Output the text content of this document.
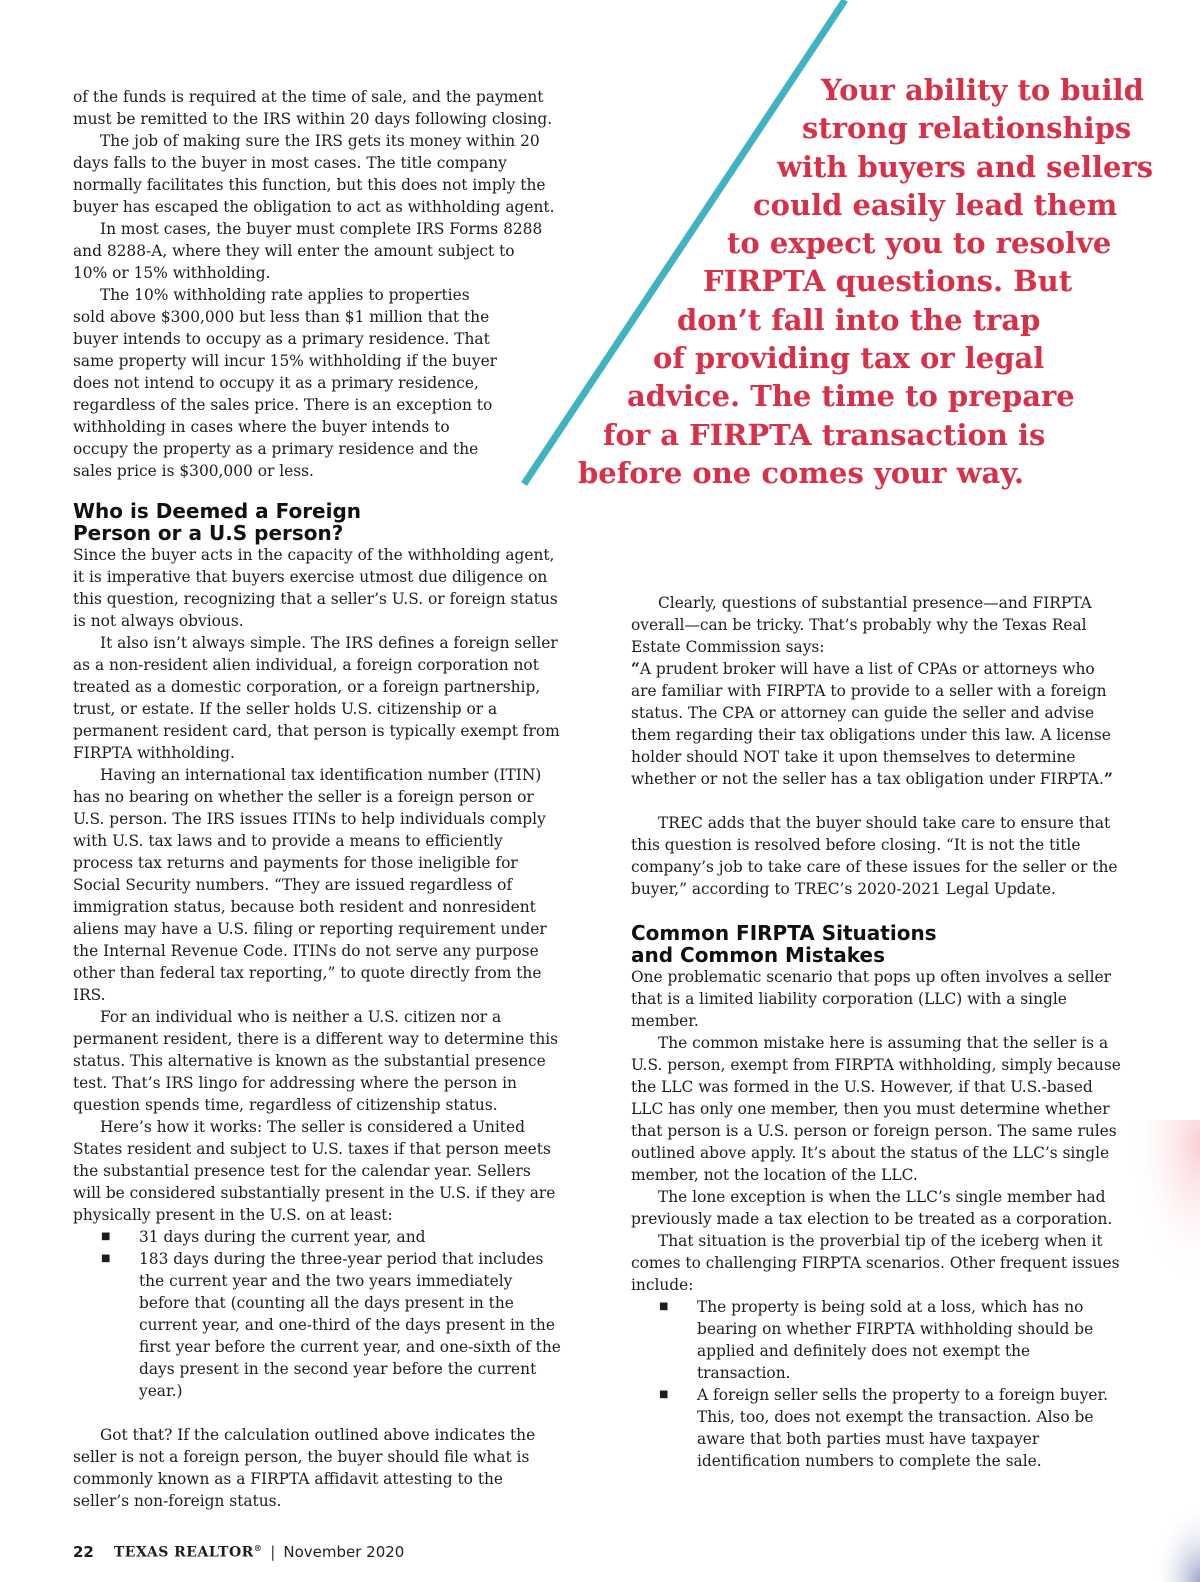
Your ability to build
strong relationships
with buyers and sellers
could easily lead them
to expect you to resolve
FIRPTA questions. But
don’t fall into the trap
of providing tax or legal
advice. The time to prepare
for a FIRPTA transaction is
before one comes your way.

of the funds is required at the time of sale, and the payment must be remitted to the IRS within 20 days following closing.

The job of making sure the IRS gets its money within 20 days falls to the buyer in most cases. The title company normally facilitates this function, but this does not imply the buyer has escaped the obligation to act as withholding agent.

In most cases, the buyer must complete IRS Forms 8288 and 8288-A, where they will enter the amount subject to 10% or 15% withholding.

The 10% withholding rate applies to properties sold above $300,000 but less than $1 million that the buyer intends to occupy as a primary residence. That same property will incur 15% withholding if the buyer does not intend to occupy it as a primary residence, regardless of the sales price. There is an exception to withholding in cases where the buyer intends to occupy the property as a primary residence and the sales price is $300,000 or less.

Who is Deemed a Foreign Person or a U.S person?

Since the buyer acts in the capacity of the withholding agent, it is imperative that buyers exercise utmost due diligence on this question, recognizing that a seller’s U.S. or foreign status is not always obvious.

It also isn’t always simple. The IRS defines a foreign seller as a non-resident alien individual, a foreign corporation not treated as a domestic corporation, or a foreign partnership, trust, or estate. If the seller holds U.S. citizenship or a permanent resident card, that person is typically exempt from FIRPTA withholding.

Having an international tax identification number (ITIN) has no bearing on whether the seller is a foreign person or U.S. person. The IRS issues ITINs to help individuals comply with U.S. tax laws and to provide a means to efficiently process tax returns and payments for those ineligible for Social Security numbers. “They are issued regardless of immigration status, because both resident and nonresident aliens may have a U.S. filing or reporting requirement under the Internal Revenue Code. ITINs do not serve any purpose other than federal tax reporting,” to quote directly from the IRS.

For an individual who is neither a U.S. citizen nor a permanent resident, there is a different way to determine this status. This alternative is known as the substantial presence test. That’s IRS lingo for addressing where the person in question spends time, regardless of citizenship status.

Here’s how it works: The seller is considered a United States resident and subject to U.S. taxes if that person meets the substantial presence test for the calendar year. Sellers will be considered substantially present in the U.S. if they are physically present in the U.S. on at least:

■ 31 days during the current year, and
■ 183 days during the three-year period that includes the current year and the two years immediately before that (counting all the days present in the current year, and one-third of the days present in the first year before the current year, and one-sixth of the days present in the second year before the current year.)

Got that? If the calculation outlined above indicates the seller is not a foreign person, the buyer should file what is commonly known as a FIRPTA affidavit attesting to the seller’s non-foreign status.

Clearly, questions of substantial presence—and FIRPTA overall—can be tricky. That’s probably why the Texas Real Estate Commission says:

“A prudent broker will have a list of CPAs or attorneys who are familiar with FIRPTA to provide to a seller with a foreign status. The CPA or attorney can guide the seller and advise them regarding their tax obligations under this law. A license holder should NOT take it upon themselves to determine whether or not the seller has a tax obligation under FIRPTA.”

TREC adds that the buyer should take care to ensure that this question is resolved before closing. “It is not the title company’s job to take care of these issues for the seller or the buyer,” according to TREC’s 2020-2021 Legal Update.

Common FIRPTA Situations and Common Mistakes

One problematic scenario that pops up often involves a seller that is a limited liability corporation (LLC) with a single member.

The common mistake here is assuming that the seller is a U.S. person, exempt from FIRPTA withholding, simply because the LLC was formed in the U.S. However, if that U.S.-based LLC has only one member, then you must determine whether that person is a U.S. person or foreign person. The same rules outlined above apply. It’s about the status of the LLC’s single member, not the location of the LLC.

The lone exception is when the LLC’s single member had previously made a tax election to be treated as a corporation.

That situation is the proverbial tip of the iceberg when it comes to challenging FIRPTA scenarios. Other frequent issues include:

■ The property is being sold at a loss, which has no bearing on whether FIRPTA withholding should be applied and definitely does not exempt the transaction.
■ A foreign seller sells the property to a foreign buyer. This, too, does not exempt the transaction. Also be aware that both parties must have taxpayer identification numbers to complete the sale.
22 TEXAS REALTOR® | November 2020
